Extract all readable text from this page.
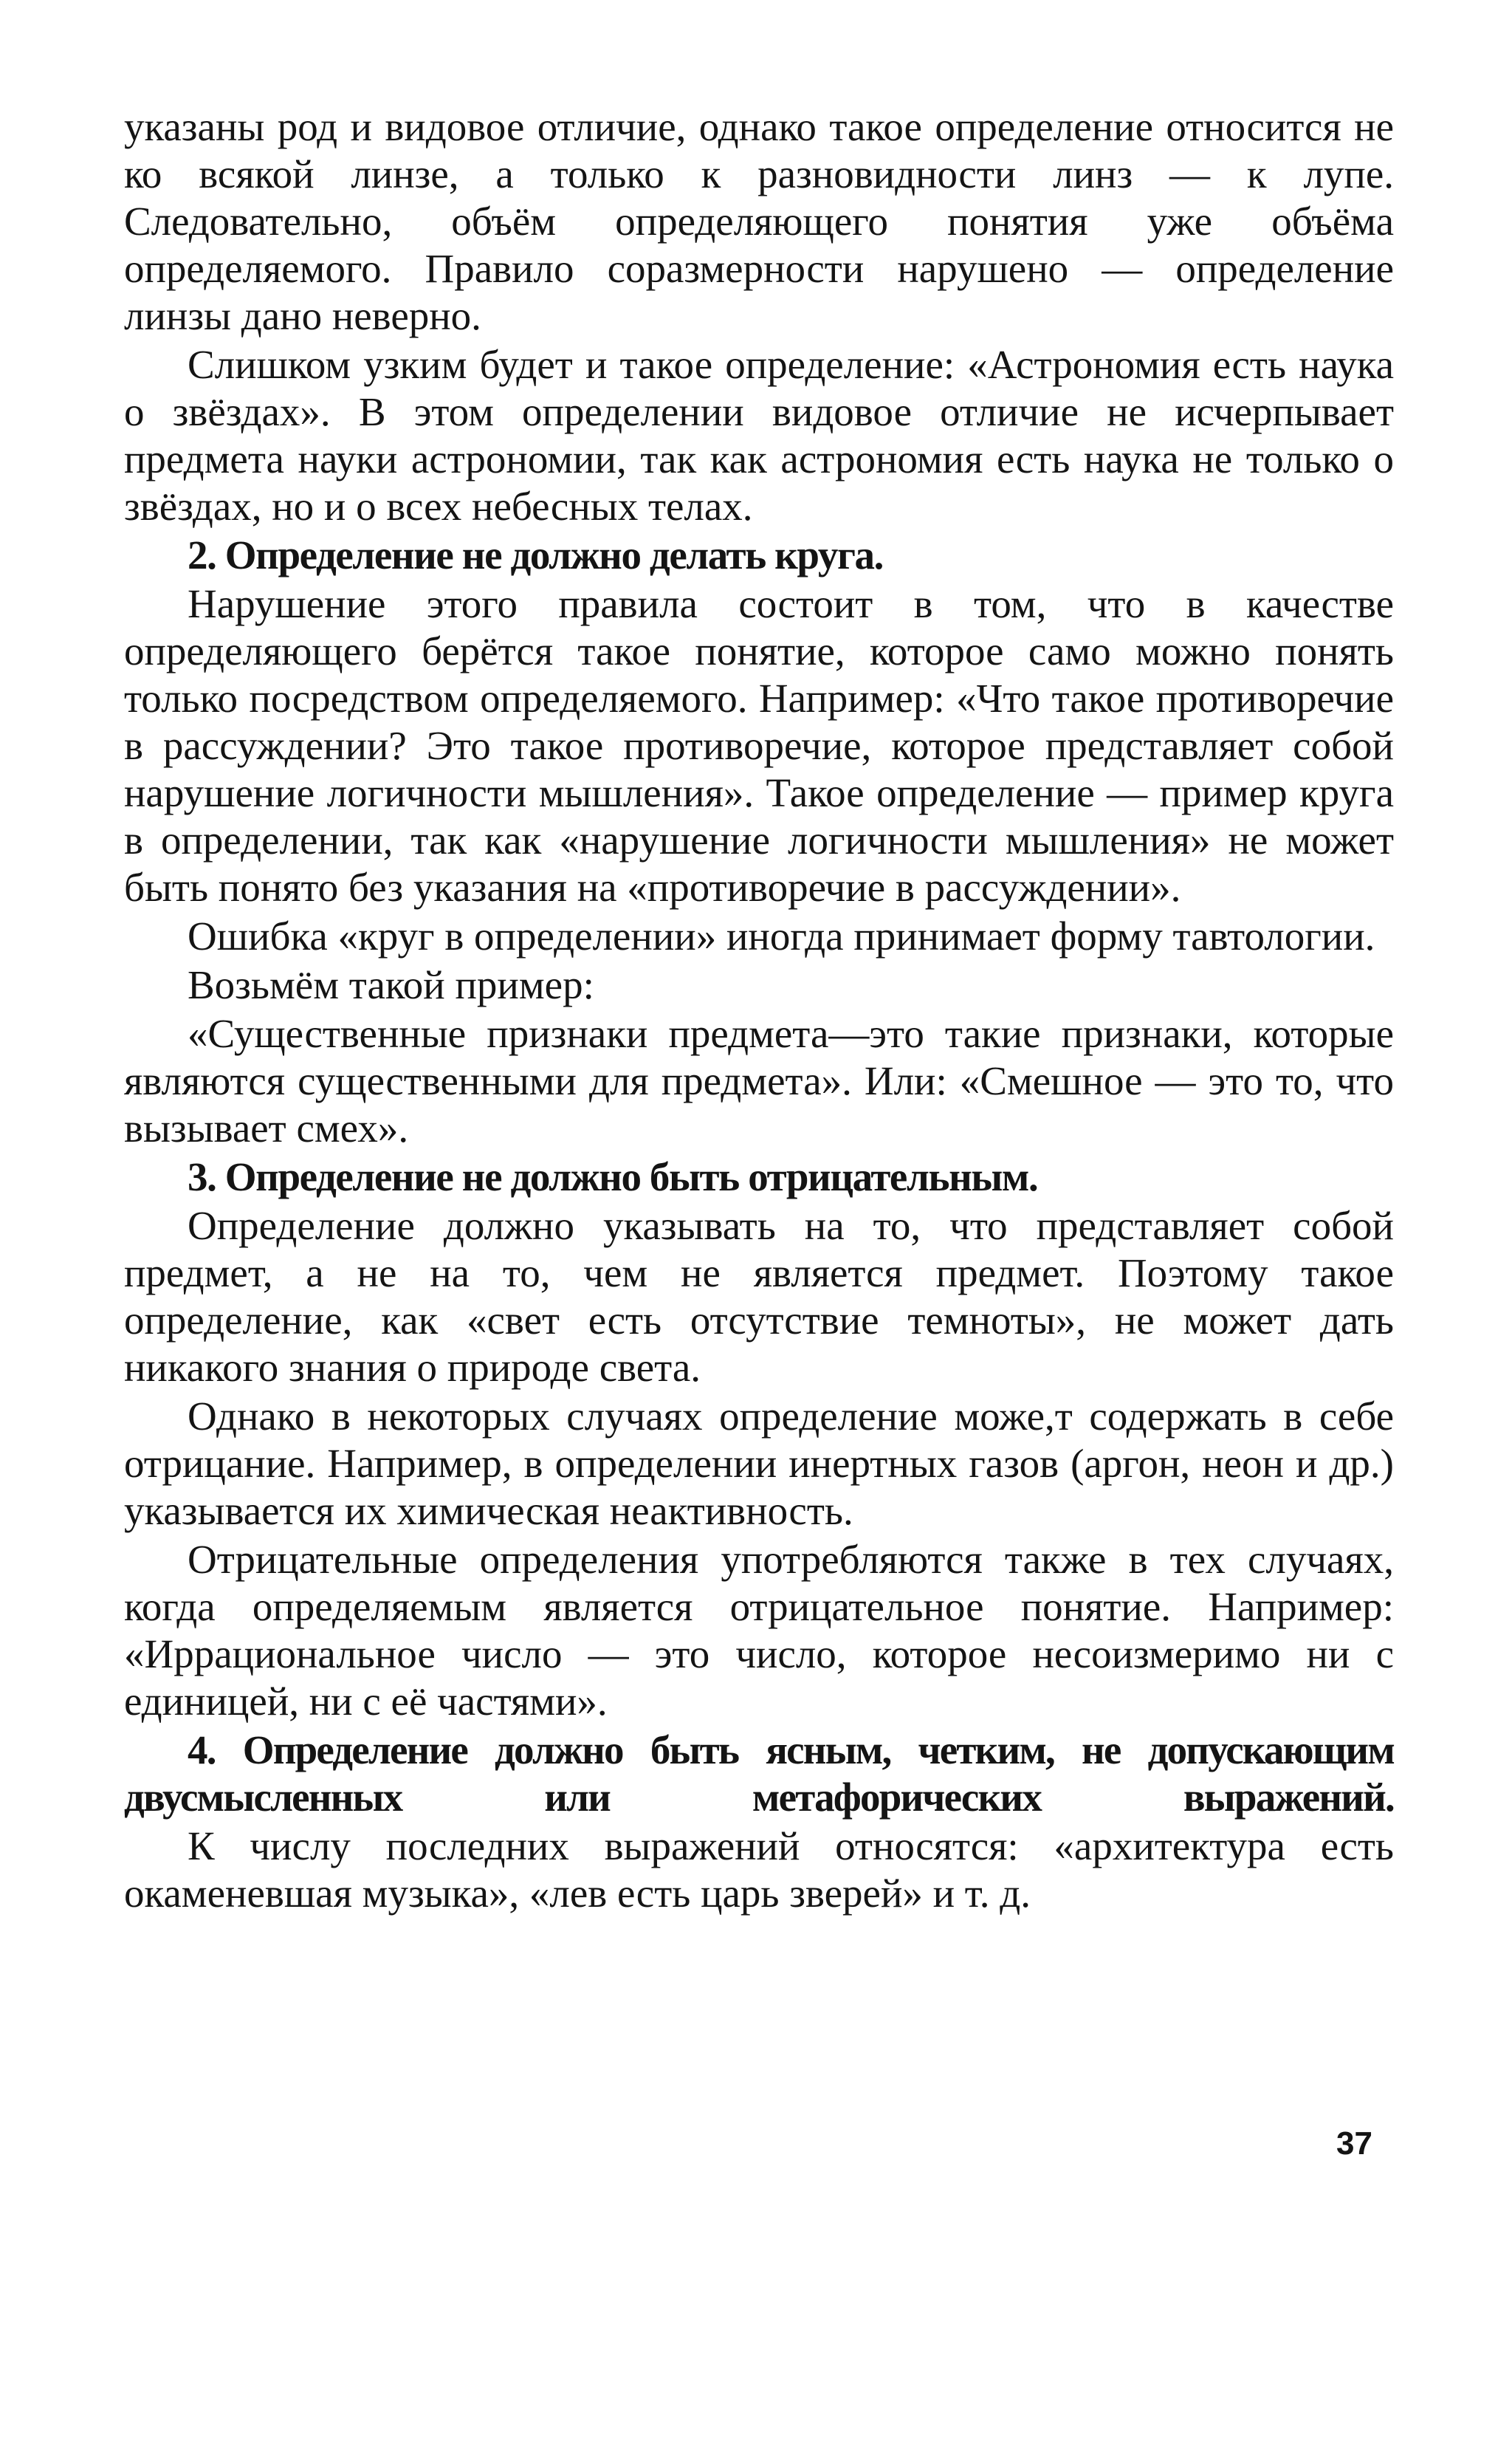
указаны род и видовое отличие, однако такое определение относится не ко всякой линзе, а только к разновидности линз — к лупе. Следовательно, объём определяющего понятия уже объёма определяемого. Правило соразмерности нарушено — определение линзы дано неверно.

Слишком узким будет и такое определение: «Астрономия есть наука о звёздах». В этом определении видовое отличие не исчерпывает предмета науки астрономии, так как астрономия есть наука не только о звёздах, но и о всех небесных телах.

2. Определение не должно делать круга.

Нарушение этого правила состоит в том, что в качестве определяющего берётся такое понятие, которое само можно понять только посредством определяемого. Например: «Что такое противоречие в рассуждении? Это такое противоречие, которое представляет собой нарушение логичности мышления». Такое определение — пример круга в определении, так как «нарушение логичности мышления» не может быть понято без указания на «противоречие в рассуждении».

Ошибка «круг в определении» иногда принимает форму тавтологии.

Возьмём такой пример:

«Существенные признаки предмета—это такие признаки, которые являются существенными для предмета». Или: «Смешное — это то, что вызывает смех».

3. Определение не должно быть отрицательным.

Определение должно указывать на то, что представляет собой предмет, а не на то, чем не является предмет. Поэтому такое определение, как «свет есть отсутствие темноты», не может дать никакого знания о природе света.

Однако в некоторых случаях определение може,т содержать в себе отрицание. Например, в определении инертных газов (аргон, неон и др.) указывается их химическая неактивность.

Отрицательные определения употребляются также в тех случаях, когда определяемым является отрицательное понятие. Например: «Иррациональное число — это число, которое несоизмеримо ни с единицей, ни с её частями».

4. Определение должно быть ясным, четким, не допускающим двусмысленных или метафорических выражений.

К числу последних выражений относятся: «архитектура есть окаменевшая музыка», «лев есть царь зверей» и т. д.

37
